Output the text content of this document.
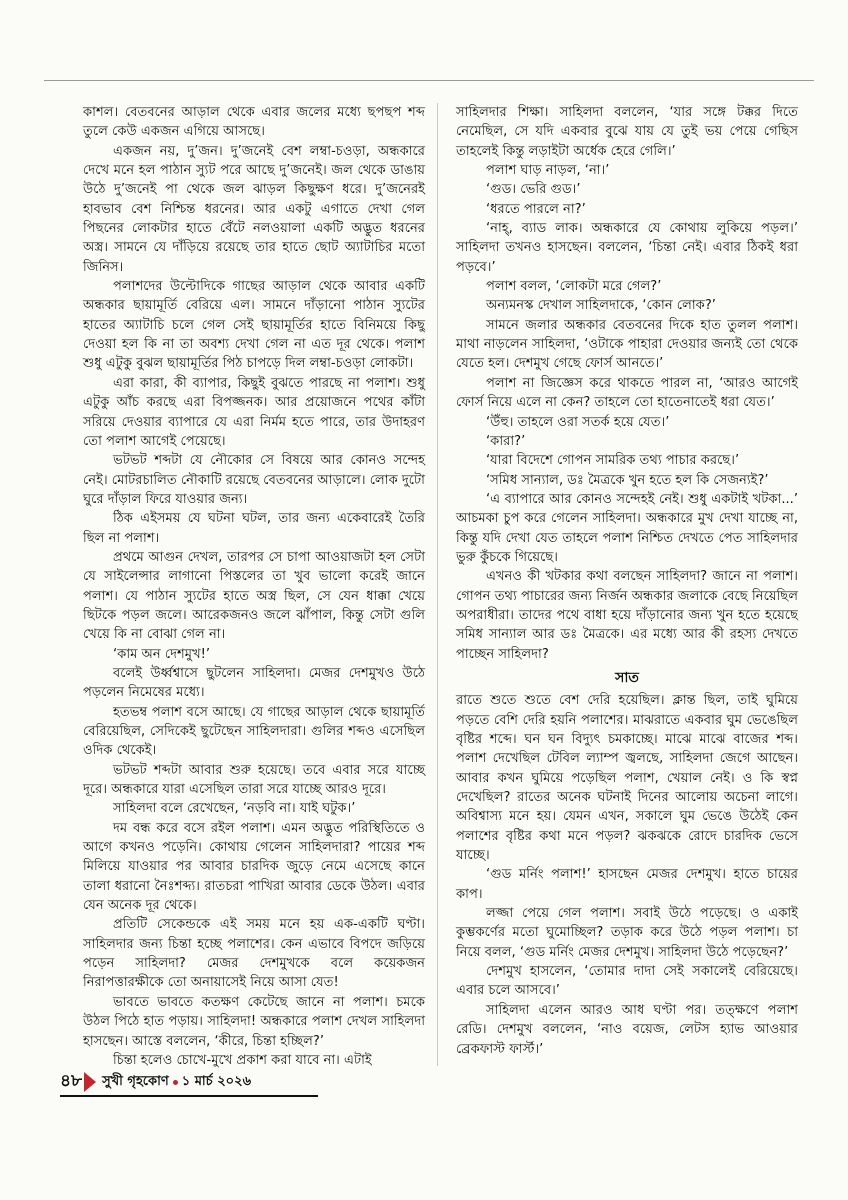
কাশল। বেতবনের আড়াল থেকে এবার জলের মধ্যে ছপছপ শব্দ তুলে কেউ একজন এগিয়ে আসছে।

একজন নয়, দু’জন। দু’জনেই বেশ লম্বা-চওড়া, অন্ধকারে দেখে মনে হল পাঠান স্যুট পরে আছে দু’জনেই। জল থেকে ডাঙায় উঠে দু’জনেই পা থেকে জল ঝাড়ল কিছুক্ষণ ধরে। দু’জনেরই হাবভাব বেশ নিশ্চিন্ত ধরনের। আর একটু এগাতে দেখা গেল পিছনের লোকটার হাতে বেঁটে নলওয়ালা একটি অদ্ভুত ধরনের অস্ত্র। সামনে যে দাঁড়িয়ে রয়েছে তার হাতে ছোট অ্যাটাচির মতো জিনিস।

পলাশদের উল্টোদিকে গাছের আড়াল থেকে আবার একটি অন্ধকার ছায়ামূর্তি বেরিয়ে এল। সামনে দাঁড়ানো পাঠান স্যুটের হাতের অ্যাটাচি চলে গেল সেই ছায়ামূর্তির হাতে বিনিময়ে কিছু দেওয়া হল কি না তা অবশ্য দেখা গেল না এত দূর থেকে। পলাশ শুধু এটুকু বুঝল ছায়ামূর্তির পিঠ চাপড়ে দিল লম্বা-চওড়া লোকটা।

এরা কারা, কী ব্যাপার, কিছুই বুঝতে পারছে না পলাশ। শুধু এটুকু আঁচ করছে এরা বিপজ্জনক। আর প্রয়োজনে পথের কাঁটা সরিয়ে দেওয়ার ব্যাপারে যে এরা নির্মম হতে পারে, তার উদাহরণ তো পলাশ আগেই পেয়েছে।

ভটভট শব্দটা যে নৌকোর সে বিষয়ে আর কোনও সন্দেহ নেই। মোটরচালিত নৌকাটি রয়েছে বেতবনের আড়ালে। লোক দুটো ঘুরে দাঁড়াল ফিরে যাওয়ার জন্য।

ঠিক এইসময় যে ঘটনা ঘটল, তার জন্য একেবারেই তৈরি ছিল না পলাশ।

প্রথমে আগুন দেখল, তারপর সে চাপা আওয়াজটা হল সেটা যে সাইলেন্সার লাগানো পিস্তলের তা খুব ভালো করেই জানে পলাশ। যে পাঠান স্যুটের হাতে অস্ত্র ছিল, সে যেন ধাক্কা খেয়ে ছিটকে পড়ল জলে। আরেকজনও জলে ঝাঁপাল, কিন্তু সেটা গুলি খেয়ে কি না বোঝা গেল না।

‘কাম অন দেশমুখ!’

বলেই উর্ধ্বশ্বাসে ছুটলেন সাহিলদা। মেজর দেশমুখও উঠে পড়লেন নিমেষের মধ্যে।

হতভম্ব পলাশ বসে আছে। যে গাছের আড়াল থেকে ছায়ামূর্তি বেরিয়েছিল, সেদিকেই ছুটেছেন সাহিলদারা। গুলির শব্দও এসেছিল ওদিক থেকেই।

ভটভট শব্দটা আবার শুরু হয়েছে। তবে এবার সরে যাচ্ছে দূরে। অন্ধকারে যারা এসেছিল তারা সরে যাচ্ছে আরও দূরে।

সাহিলদা বলে রেখেছেন, ‘নড়বি না। যাই ঘটুক।’

দম বন্ধ করে বসে রইল পলাশ। এমন অদ্ভুত পরিস্থিতিতে ও আগে কখনও পড়েনি। কোথায় গেলেন সাহিলদারা? পায়ের শব্দ মিলিয়ে যাওয়ার পর আবার চারদিক জুড়ে নেমে এসেছে কানে তালা ধরানো নৈঃশব্দ্য। রাতচরা পাখিরা আবার ডেকে উঠল। এবার যেন অনেক দূর থেকে।

প্রতিটি সেকেন্ডকে এই সময় মনে হয় এক-একটি ঘণ্টা। সাহিলদার জন্য চিন্তা হচ্ছে পলাশের। কেন এভাবে বিপদে জড়িয়ে পড়েন সাহিলদা? মেজর দেশমুখকে বলে কয়েকজন নিরাপত্তারক্ষীকে তো অনায়াসেই নিয়ে আসা যেত!

ভাবতে ভাবতে কতক্ষণ কেটেছে জানে না পলাশ। চমকে উঠল পিঠে হাত পড়ায়। সাহিলদা! অন্ধকারে পলাশ দেখল সাহিলদা হাসছেন। আস্তে বললেন, ‘কীরে, চিন্তা হচ্ছিল?’

চিন্তা হলেও চোখে-মুখে প্রকাশ করা যাবে না। এটাই

সাহিলদার শিক্ষা। সাহিলদা বললেন, ‘যার সঙ্গে টক্কর দিতে নেমেছিল, সে যদি একবার বুঝে যায় যে তুই ভয় পেয়ে গেছিস তাহলেই কিন্তু লড়াইটা অর্ধেক হেরে গেলি।’

পলাশ ঘাড় নাড়ল, ‘না।’

‘গুড। ভেরি গুড।’

‘ধরতে পারলে না?’

‘নাহ্, ব্যাড লাক। অন্ধকারে যে কোথায় লুকিয়ে পড়ল।’ সাহিলদা তখনও হাসছেন। বললেন, ‘চিন্তা নেই। এবার ঠিকই ধরা পড়বে।’

পলাশ বলল, ‘লোকটা মরে গেল?’

অন্যমনস্ক দেখাল সাহিলদাকে, ‘কোন লোক?’

সামনে জলার অন্ধকার বেতবনের দিকে হাত তুলল পলাশ। মাথা নাড়লেন সাহিলদা, ‘ওটাকে পাহারা দেওয়ার জন্যই তো থেকে যেতে হল। দেশমুখ গেছে ফোর্স আনতে।’

পলাশ না জিজ্ঞেস করে থাকতে পারল না, ‘আরও আগেই ফোর্স নিয়ে এলে না কেন? তাহলে তো হাতেনাতেই ধরা যেত।’

‘উঁহু। তাহলে ওরা সতর্ক হয়ে যেত।’

‘কারা?’

‘যারা বিদেশে গোপন সামরিক তথ্য পাচার করছে।’

‘সমিধ সান্যাল, ডঃ মৈত্রকে খুন হতে হল কি সেজন্যই?’

‘এ ব্যাপারে আর কোনও সন্দেহই নেই। শুধু একটাই খটকা...’ আচমকা চুপ করে গেলেন সাহিলদা। অন্ধকারে মুখ দেখা যাচ্ছে না, কিন্তু যদি দেখা যেত তাহলে পলাশ নিশ্চিত দেখতে পেত সাহিলদার ভুরু কুঁচকে গিয়েছে।

এখনও কী খটকার কথা বলছেন সাহিলদা? জানে না পলাশ। গোপন তথ্য পাচারের জন্য নির্জন অন্ধকার জলাকে বেছে নিয়েছিল অপরাধীরা। তাদের পথে বাধা হয়ে দাঁড়ানোর জন্য খুন হতে হয়েছে সমিধ সান্যাল আর ডঃ মৈত্রকে। এর মধ্যে আর কী রহস্য দেখতে পাচ্ছেন সাহিলদা?

সাত

রাতে শুতে শুতে বেশ দেরি হয়েছিল। ক্লান্ত ছিল, তাই ঘুমিয়ে পড়তে বেশি দেরি হয়নি পলাশের। মাঝরাতে একবার ঘুম ভেঙেছিল বৃষ্টির শব্দে। ঘন ঘন বিদ্যুৎ চমকাচ্ছে। মাঝে মাঝে বাজের শব্দ। পলাশ দেখেছিল টেবিল ল্যাম্প জ্বলছে, সাহিলদা জেগে আছেন। আবার কখন ঘুমিয়ে পড়েছিল পলাশ, খেয়াল নেই। ও কি স্বপ্ন দেখেছিল? রাতের অনেক ঘটনাই দিনের আলোয় অচেনা লাগে। অবিশ্বাস্য মনে হয়। যেমন এখন, সকালে ঘুম ভেঙে উঠেই কেন পলাশের বৃষ্টির কথা মনে পড়ল? ঝকঝকে রোদে চারদিক ভেসে যাচ্ছে।

‘গুড মর্নিং পলাশ!’ হাসছেন মেজর দেশমুখ। হাতে চায়ের কাপ।

লজ্জা পেয়ে গেল পলাশ। সবাই উঠে পড়েছে। ও একাই কুম্ভকর্ণের মতো ঘুমোচ্ছিল? তড়াক করে উঠে পড়ল পলাশ। চা নিয়ে বলল, ‘গুড মর্নিং মেজর দেশমুখ। সাহিলদা উঠে পড়েছেন?’

দেশমুখ হাসলেন, ‘তোমার দাদা সেই সকালেই বেরিয়েছে। এবার চলে আসবে।’

সাহিলদা এলেন আরও আধ ঘণ্টা পর। তত্ক্ষণে পলাশ রেডি। দেশমুখ বললেন, ‘নাও বয়েজ, লেটস হ্যাভ আওয়ার ব্রেকফাস্ট ফার্স্ট।’

৪৮ সুখী গৃহকোণ ১ মার্চ ২০২৬
